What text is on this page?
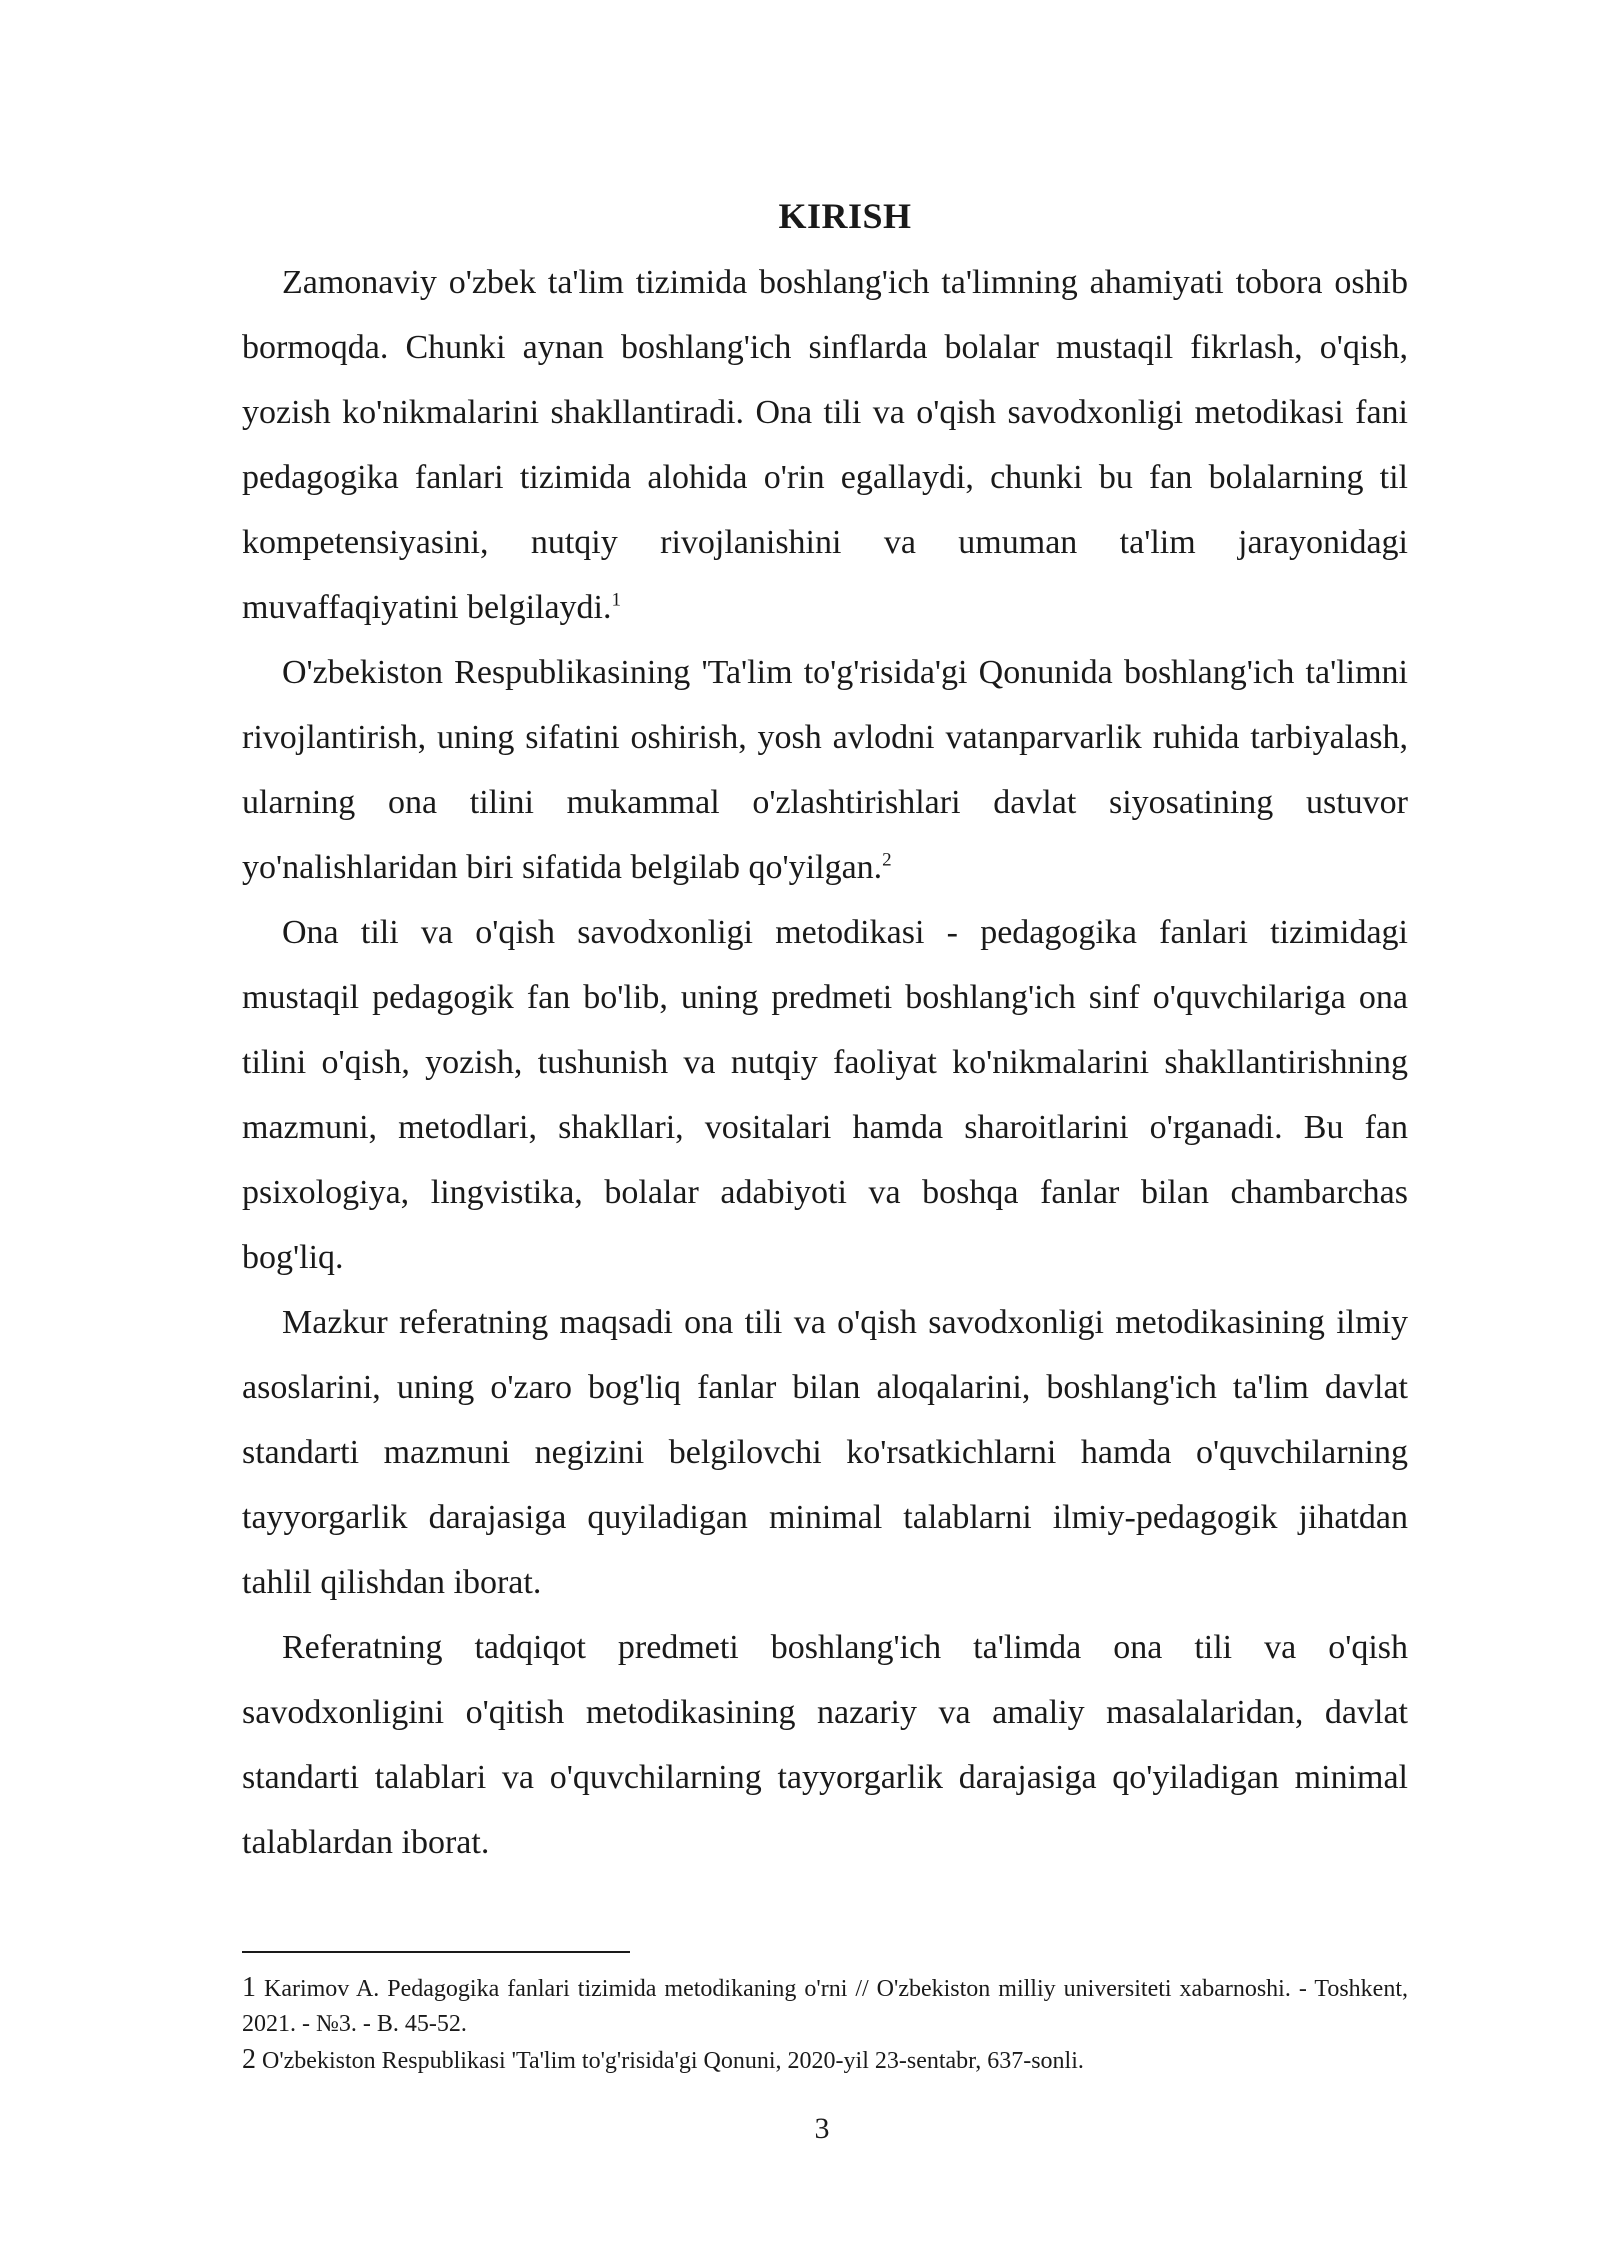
KIRISH

Zamonaviy o'zbek ta'lim tizimida boshlang'ich ta'limning ahamiyati tobora oshib bormoqda. Chunki aynan boshlang'ich sinflarda bolalar mustaqil fikrlash, o'qish, yozish ko'nikmalarini shakllantiradi. Ona tili va o'qish savodxonligi metodikasi fani pedagogika fanlari tizimida alohida o'rin egallaydi, chunki bu fan bolalarning til kompetensiyasini, nutqiy rivojlanishini va umuman ta'lim jarayonidagi muvaffaqiyatini belgilaydi.$^1$

O'zbekiston Respublikasining 'Ta'lim to'g'risida'gi Qonunida boshlang'ich ta'limni rivojlantirish, uning sifatini oshirish, yosh avlodni vatanparvarlik ruhida tarbiyalash, ularning ona tilini mukammal o'zlashtirishlari davlat siyosatining ustuvor yo'nalishlaridan biri sifatida belgilab qo'yilgan.$^2$

Ona tili va o'qish savodxonligi metodikasi - pedagogika fanlari tizimidagi mustaqil pedagogik fan bo'lib, uning predmeti boshlang'ich sinf o'quvchilariga ona tilini o'qish, yozish, tushunish va nutqiy faoliyat ko'nikmalarini shakllantirishning mazmuni, metodlari, shakllari, vositalari hamda sharoitlarini o'rganadi. Bu fan psixologiya, lingvistika, bolalar adabiyoti va boshqa fanlar bilan chambarchas bog'liq.

Mazkur referatning maqsadi ona tili va o'qish savodxonligi metodikasining ilmiy asoslarini, uning o'zaro bog'liq fanlar bilan aloqalarini, boshlang'ich ta'lim davlat standarti mazmuni negizini belgilovchi ko'rsatkichlarni hamda o'quvchilarning tayyorgarlik darajasiga quyiladigan minimal talablarni ilmiy-pedagogik jihatdan tahlil qilishdan iborat.

Referatning tadqiqot predmeti boshlang'ich ta'limda ona tili va o'qish savodxonligini o'qitish metodikasining nazariy va amaliy masalalaridan, davlat standarti talablari va o'quvchilarning tayyorgarlik darajasiga qo'yiladigan minimal talablardan iborat.

1 Karimov A. Pedagogika fanlari tizimida metodikaning o'rni // O'zbekiston milliy universiteti xabarnoshi. - Toshkent, 2021. - №3. - B. 45-52.

2 O'zbekiston Respublikasi 'Ta'lim to'g'risida'gi Qonuni, 2020-yil 23-sentabr, 637-sonli.

3
